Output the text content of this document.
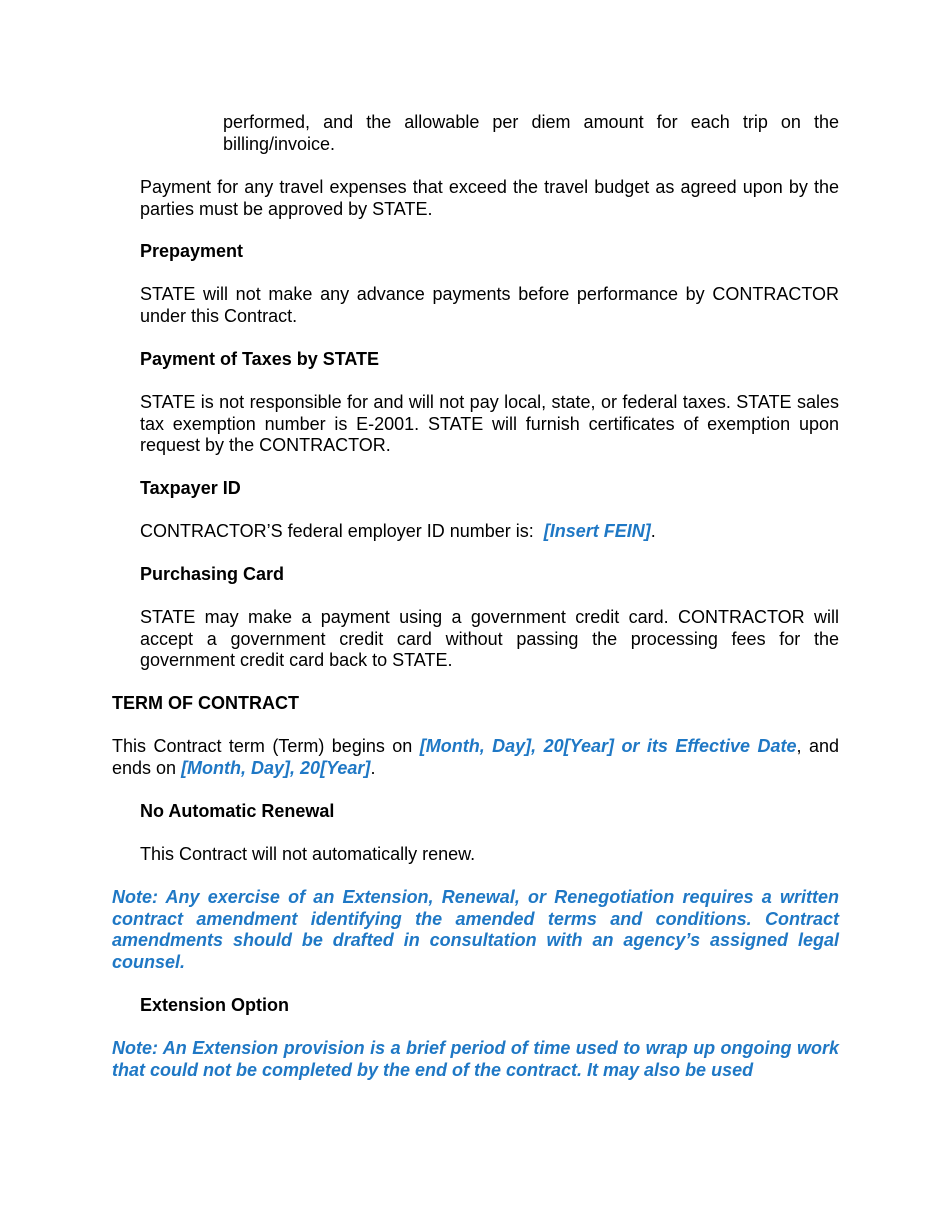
performed, and the allowable per diem amount for each trip on the billing/invoice.
Payment for any travel expenses that exceed the travel budget as agreed upon by the parties must be approved by STATE.
Prepayment
STATE will not make any advance payments before performance by CONTRACTOR under this Contract.
Payment of Taxes by STATE
STATE is not responsible for and will not pay local, state, or federal taxes. STATE sales tax exemption number is E-2001. STATE will furnish certificates of exemption upon request by the CONTRACTOR.
Taxpayer ID
CONTRACTOR’S federal employer ID number is:  [Insert FEIN].
Purchasing Card
STATE may make a payment using a government credit card. CONTRACTOR will accept a government credit card without passing the processing fees for the government credit card back to STATE.
TERM OF CONTRACT
This Contract term (Term) begins on [Month, Day], 20[Year] or its Effective Date, and ends on [Month, Day], 20[Year].
No Automatic Renewal
This Contract will not automatically renew.
Note: Any exercise of an Extension, Renewal, or Renegotiation requires a written contract amendment identifying the amended terms and conditions. Contract amendments should be drafted in consultation with an agency’s assigned legal counsel.
Extension Option
Note: An Extension provision is a brief period of time used to wrap up ongoing work that could not be completed by the end of the contract. It may also be used
